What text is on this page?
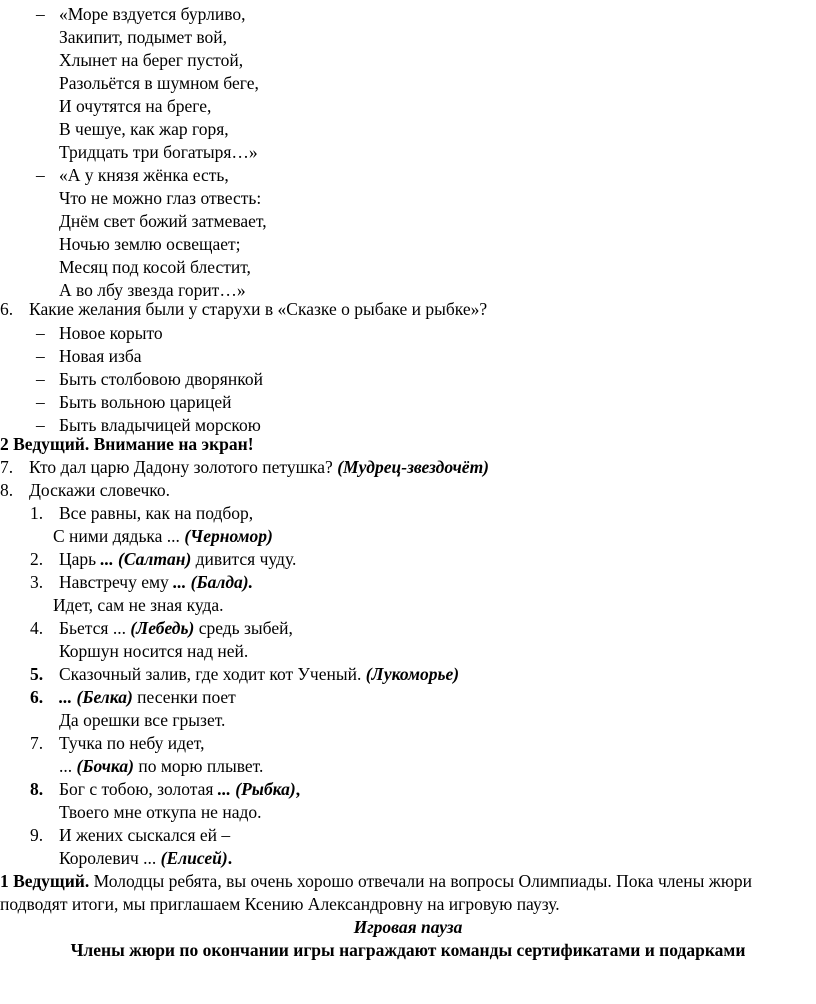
– «Море вздуется бурливо,
Закипит, подымет вой,
Хлынет на берег пустой,
Разольётся в шумном беге,
И очутятся на бреге,
В чешуе, как жар горя,
Тридцать три богатыря…»
– «А у князя жёнка есть,
Что не можно глаз отвесть:
Днём свет божий затмевает,
Ночью землю освещает;
Месяц под косой блестит,
А во лбу звезда горит…»
6. Какие желания были у старухи в «Сказке о рыбаке и рыбке»?
– Новое корыто
– Новая изба
– Быть столбовою дворянкой
– Быть вольною царицей
– Быть владычицей морскою
2 Ведущий. Внимание на экран!
7. Кто дал царю Дадону золотого петушка? (Мудрец-звездочёт)
8. Доскажи словечко.
1. Все равны, как на подбор,
С ними дядька ... (Черномор)
2. Царь ... (Салтан) дивится чуду.
3. Навстречу ему ... (Балда).
Идет, сам не зная куда.
4. Бьется ... (Лебедь) средь зыбей,
Коршун носится над ней.
5. Сказочный залив, где ходит кот Ученый. (Лукоморье)
6. ... (Белка) песенки поет
Да орешки все грызет.
7. Тучка по небу идет,
... (Бочка) по морю плывет.
8. Бог с тобою, золотая ... (Рыбка),
Твоего мне откупа не надо.
9. И жених сыскался ей –
Королевич ... (Елисей).
1 Ведущий. Молодцы ребята, вы очень хорошо отвечали на вопросы Олимпиады. Пока члены жюри подводят итоги, мы приглашаем Ксению Александровну на игровую паузу.
Игровая пауза
Члены жюри по окончании игры награждают команды сертификатами и подарками
